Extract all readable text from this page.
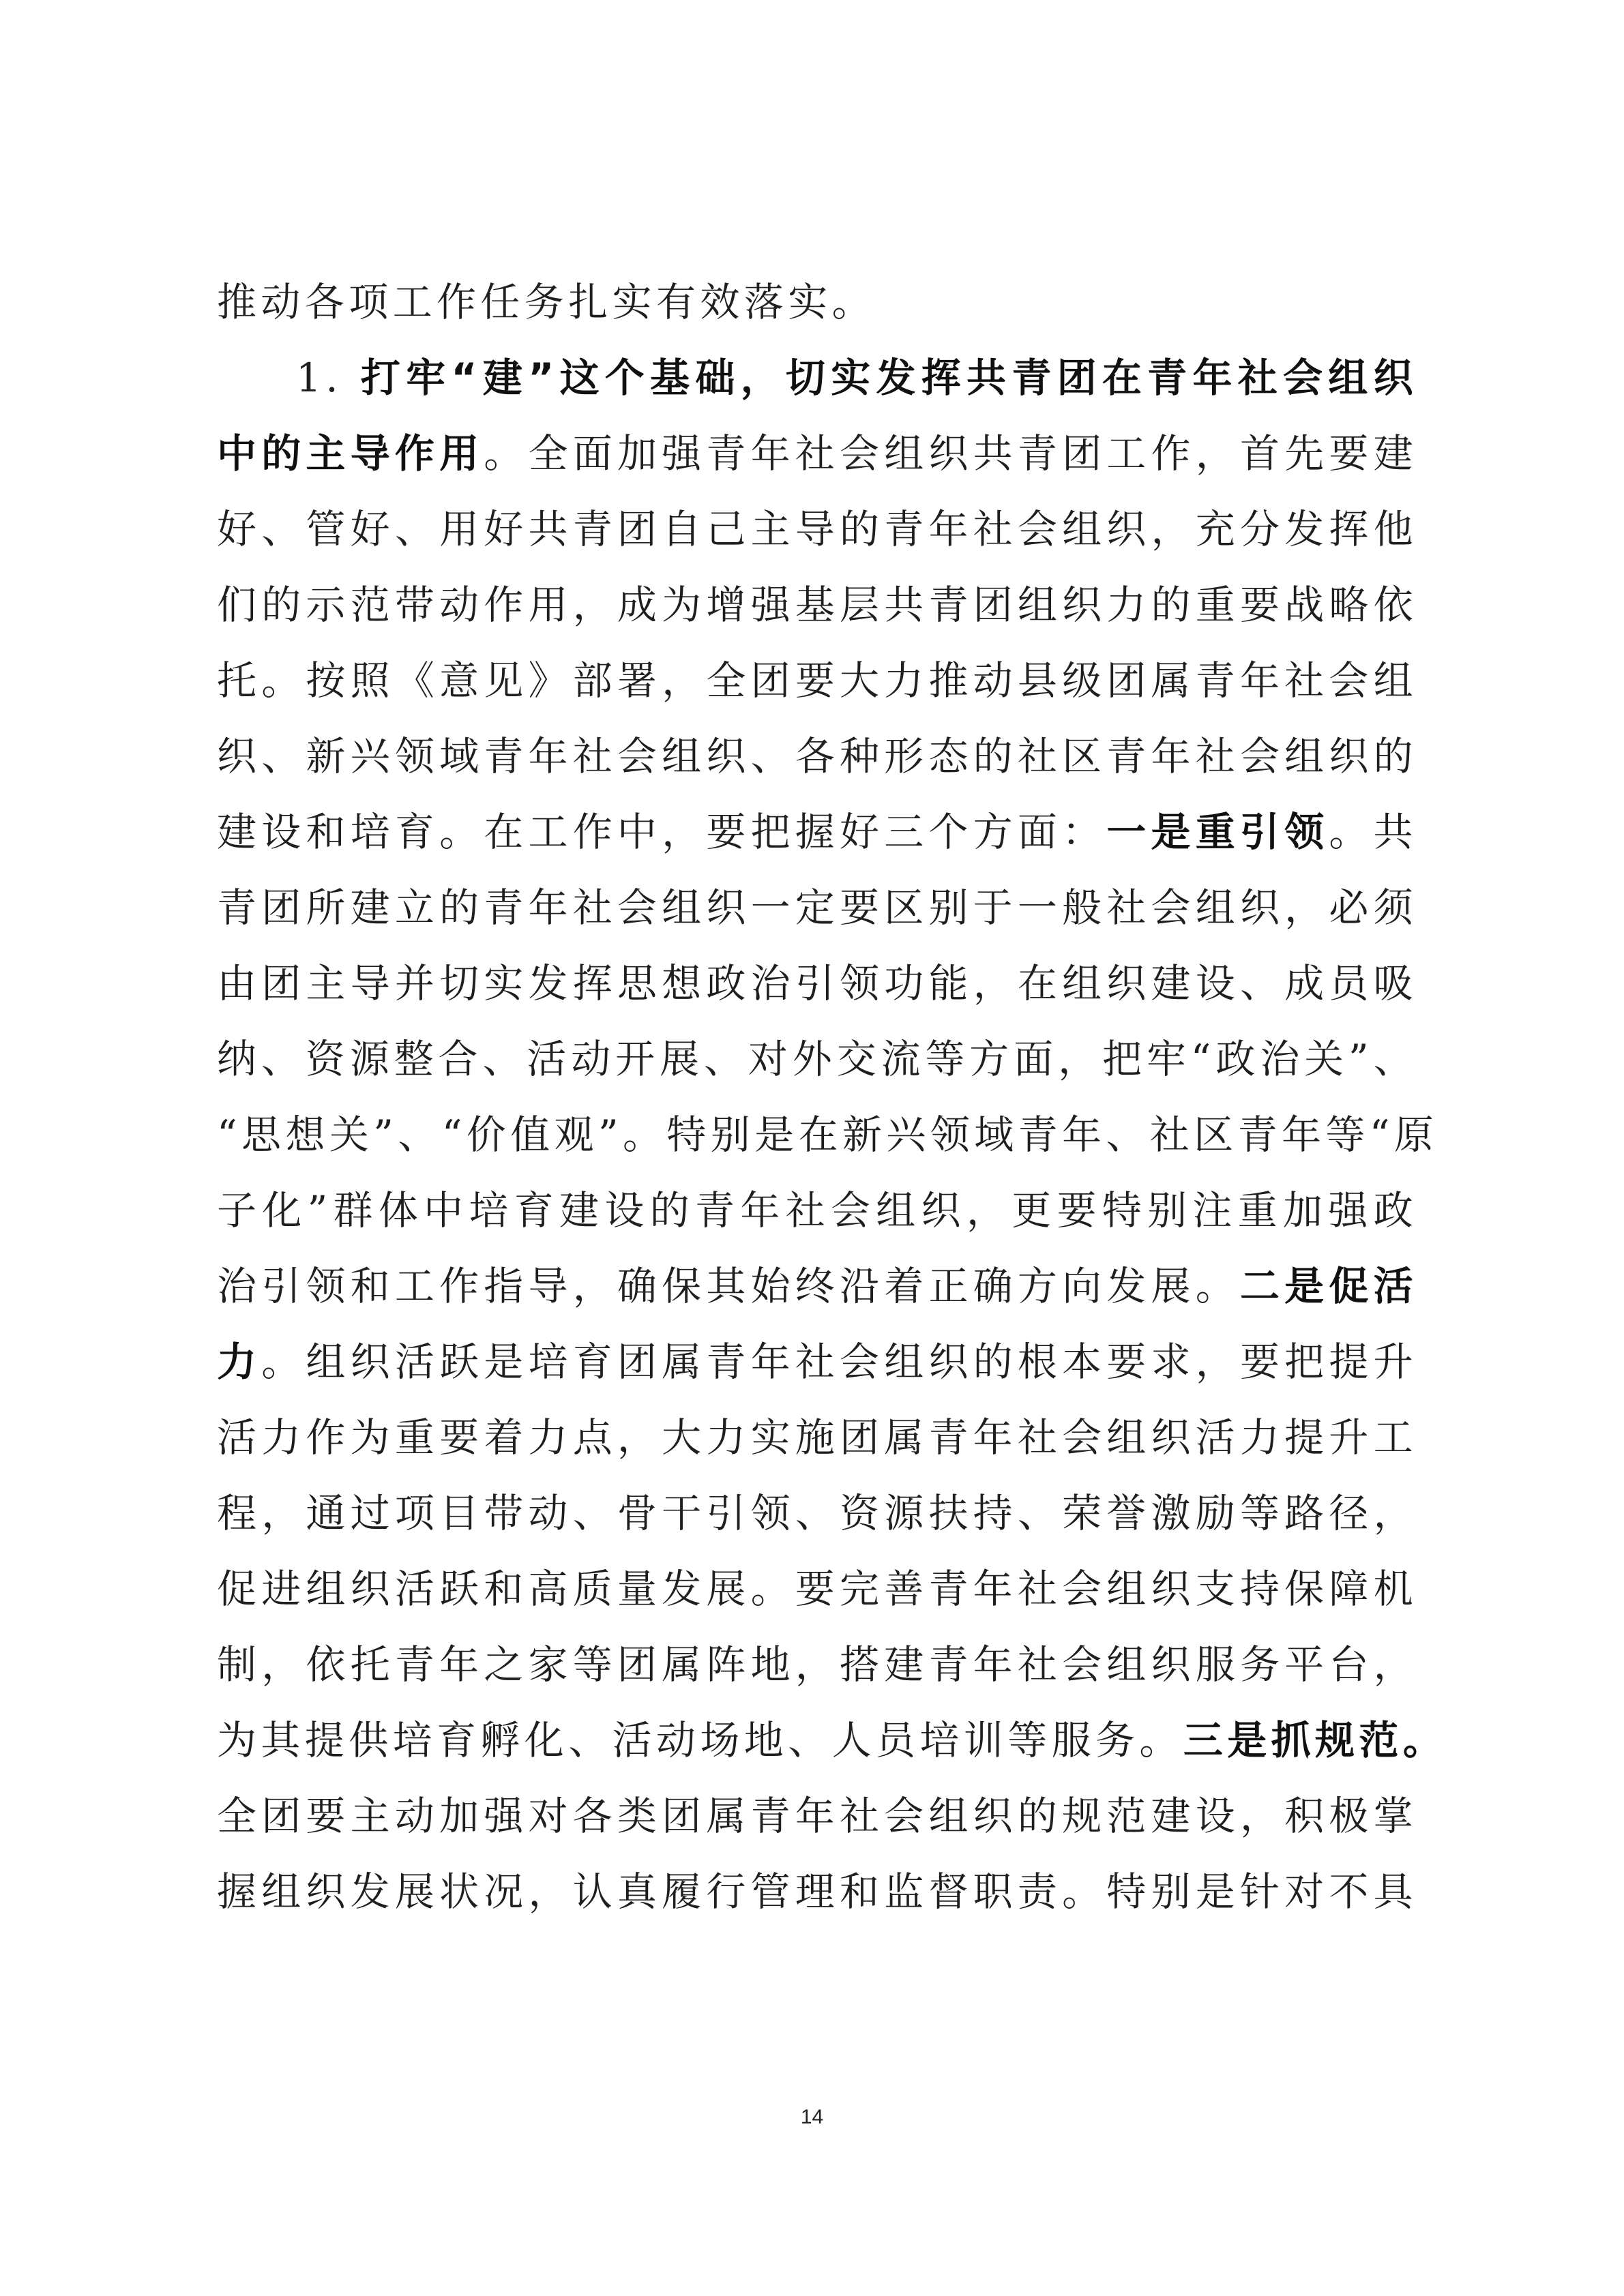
推动各项工作任务扎实有效落实。
1. 打牢“建”这个基础，切实发挥共青团在青年社会组织
中的主导作用。全面加强青年社会组织共青团工作，首先要建
好、管好、用好共青团自己主导的青年社会组织，充分发挥他
们的示范带动作用，成为增强基层共青团组织力的重要战略依
托。按照《意见》部署，全团要大力推动县级团属青年社会组
织、新兴领域青年社会组织、各种形态的社区青年社会组织的
建设和培育。在工作中，要把握好三个方面：一是重引领。共
青团所建立的青年社会组织一定要区别于一般社会组织，必须
由团主导并切实发挥思想政治引领功能，在组织建设、成员吸
纳、资源整合、活动开展、对外交流等方面，把牢“政治关”、
“思想关”、“价值观”。特别是在新兴领域青年、社区青年等“原
子化”群体中培育建设的青年社会组织，更要特别注重加强政
治引领和工作指导，确保其始终沿着正确方向发展。二是促活
力。组织活跃是培育团属青年社会组织的根本要求，要把提升
活力作为重要着力点，大力实施团属青年社会组织活力提升工
程，通过项目带动、骨干引领、资源扶持、荣誉激励等路径，
促进组织活跃和高质量发展。要完善青年社会组织支持保障机
制，依托青年之家等团属阵地，搭建青年社会组织服务平台，
为其提供培育孵化、活动场地、人员培训等服务。三是抓规范。
全团要主动加强对各类团属青年社会组织的规范建设，积极掌
握组织发展状况，认真履行管理和监督职责。特别是针对不具
14
